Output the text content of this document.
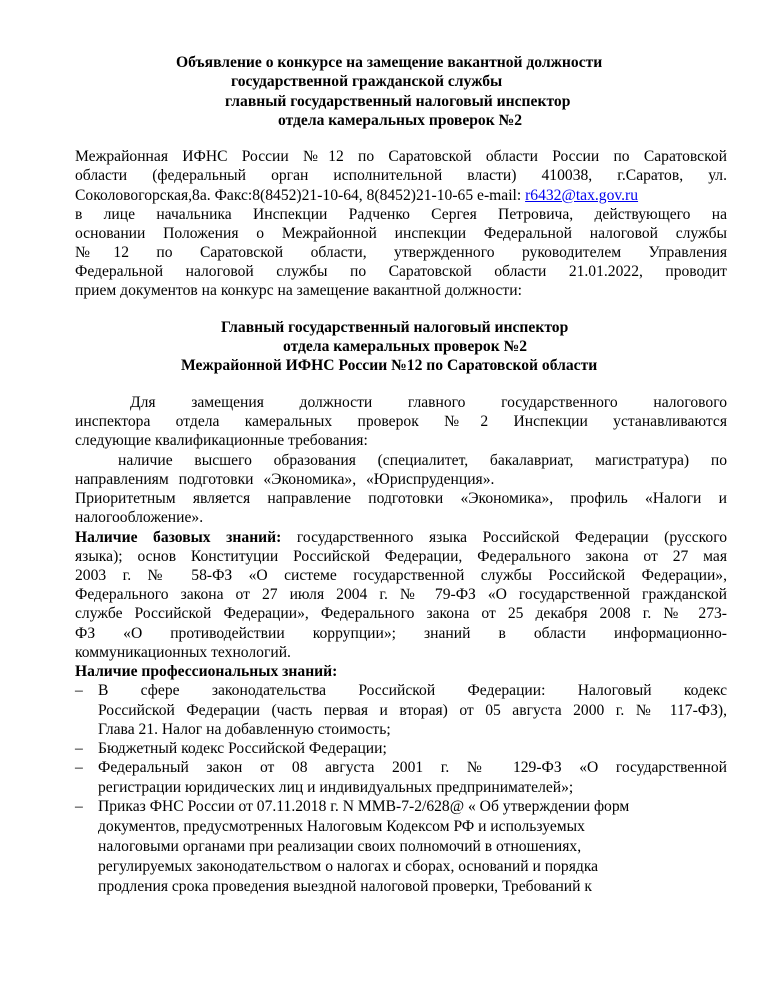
Объявление о конкурсе на замещение вакантной должности
государственной гражданской службы
главный государственный налоговый инспектор
отдела камеральных проверок №2
Межрайонная ИФНС России №12 по Саратовской области России по Саратовской
области (федеральный орган исполнительной власти) 410038, г.Саратов, ул.
Соколовогорская,8а. Факс:8(8452)21-10-64, 8(8452)21-10-65 e-mail: r6432@tax.gov.ru
в лице начальника Инспекции Радченко Сергея Петровича, действующего на
основании Положения о Межрайонной инспекции Федеральной налоговой службы
№12 по Саратовской области, утвержденного руководителем Управления
Федеральной налоговой службы по Саратовской области 21.01.2022, проводит
прием документов на конкурс на замещение вакантной должности:
Главный государственный налоговый инспектор
отдела камеральных проверок №2
Межрайонной ИФНС России №12 по Саратовской области
Для замещения должности главного государственного налогового
инспектора отдела камеральных проверок №2 Инспекции устанавливаются
следующие квалификационные требования:
наличие высшего образования (специалитет, бакалавриат, магистратура) по
направлениям подготовки «Экономика», «Юриспруденция».
Приоритетным является направление подготовки «Экономика», профиль «Налоги и
налогообложение».
Наличие базовых знаний: государственного языка Российской Федерации (русского
языка); основ Конституции Российской Федерации, Федерального закона от 27 мая
2003 г. № 58-ФЗ «О системе государственной службы Российской Федерации»,
Федерального закона от 27 июля 2004 г. № 79-ФЗ «О государственной гражданской
службе Российской Федерации», Федерального закона от 25 декабря 2008 г. № 273-
ФЗ «О противодействии коррупции»; знаний в области информационно-
коммуникационных технологий.
Наличие профессиональных знаний:
– В сфере законодательства Российской Федерации: Налоговый кодекс
Российской Федерации (часть первая и вторая) от 05 августа 2000 г. № 117-ФЗ),
Глава 21. Налог на добавленную стоимость;
– Бюджетный кодекс Российской Федерации;
– Федеральный закон от 08 августа 2001 г. № 129-ФЗ «О государственной
регистрации юридических лиц и индивидуальных предпринимателей»;
– Приказ ФНС России от 07.11.2018 г. N ММВ-7-2/628@ « Об утверждении форм
документов, предусмотренных Налоговым Кодексом РФ и используемых
налоговыми органами при реализации своих полномочий в отношениях,
регулируемых законодательством о налогах и сборах, оснований и порядка
продления срока проведения выездной налоговой проверки, Требований к
